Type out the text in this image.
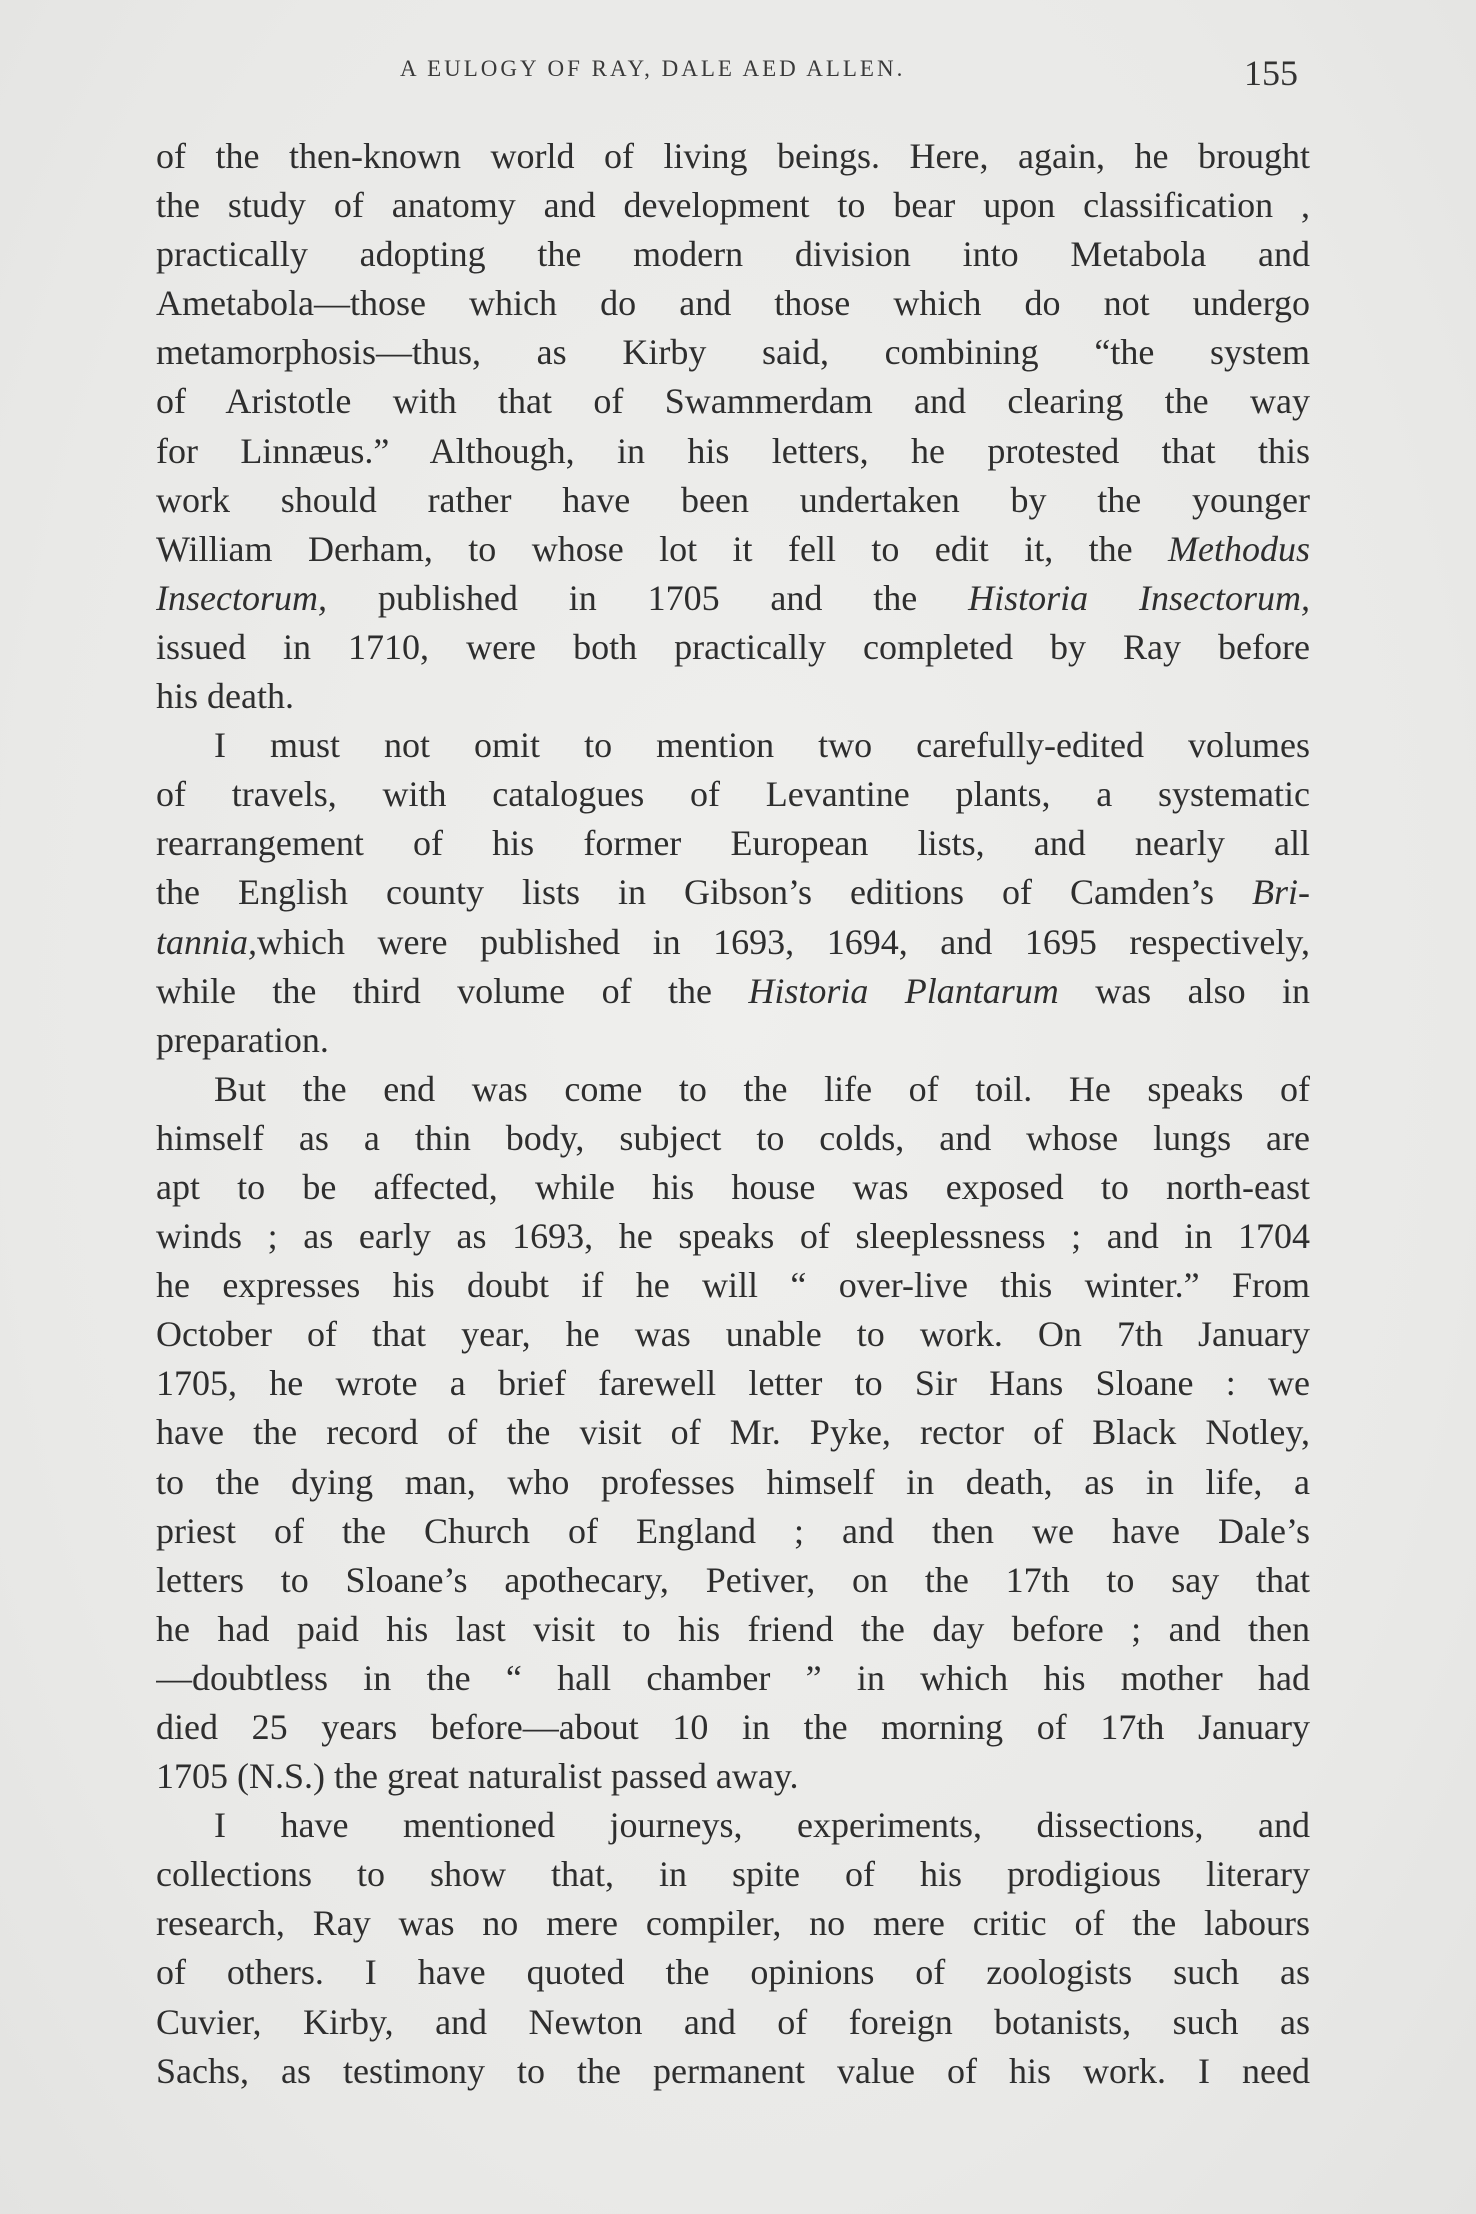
A EULOGY OF RAY, DALE AED ALLEN.	155
of the then-known world of living beings. Here, again, he brought
the study of anatomy and development to bear upon classification ,
practically adopting the modern division into Metabola and
Ametabola—those which do and those which do not undergo
metamorphosis—thus, as Kirby said, combining “the system
of Aristotle with that of Swammerdam and clearing the way
for Linnæus.” Although, in his letters, he protested that this
work should rather have been undertaken by the younger
William Derham, to whose lot it fell to edit it, the Methodus
Insectorum, published in 1705 and the Historia Insectorum,
issued in 1710, were both practically completed by Ray before
his death.
I must not omit to mention two carefully-edited volumes
of travels, with catalogues of Levantine plants, a systematic
rearrangement of his former European lists, and nearly all
the English county lists in Gibson’s editions of Camden’s Bri-
tannia,which were published in 1693, 1694, and 1695 respectively,
while the third volume of the Historia Plantarum was also in
preparation.
But the end was come to the life of toil. He speaks of
himself as a thin body, subject to colds, and whose lungs are
apt to be affected, while his house was exposed to north-east
winds ; as early as 1693, he speaks of sleeplessness ; and in 1704
he expresses his doubt if he will “ over-live this winter.” From
October of that year, he was unable to work. On 7th January
1705, he wrote a brief farewell letter to Sir Hans Sloane : we
have the record of the visit of Mr. Pyke, rector of Black Notley,
to the dying man, who professes himself in death, as in life, a
priest of the Church of England ; and then we have Dale’s
letters to Sloane’s apothecary, Petiver, on the 17th to say that
he had paid his last visit to his friend the day before ; and then
—doubtless in the “ hall chamber ” in which his mother had
died 25 years before—about 10 in the morning of 17th January
1705 (N.S.) the great naturalist passed away.
I have mentioned journeys, experiments, dissections, and
collections to show that, in spite of his prodigious literary
research, Ray was no mere compiler, no mere critic of the labours
of others. I have quoted the opinions of zoologists such as
Cuvier, Kirby, and Newton and of foreign botanists, such as
Sachs, as testimony to the permanent value of his work. I need
